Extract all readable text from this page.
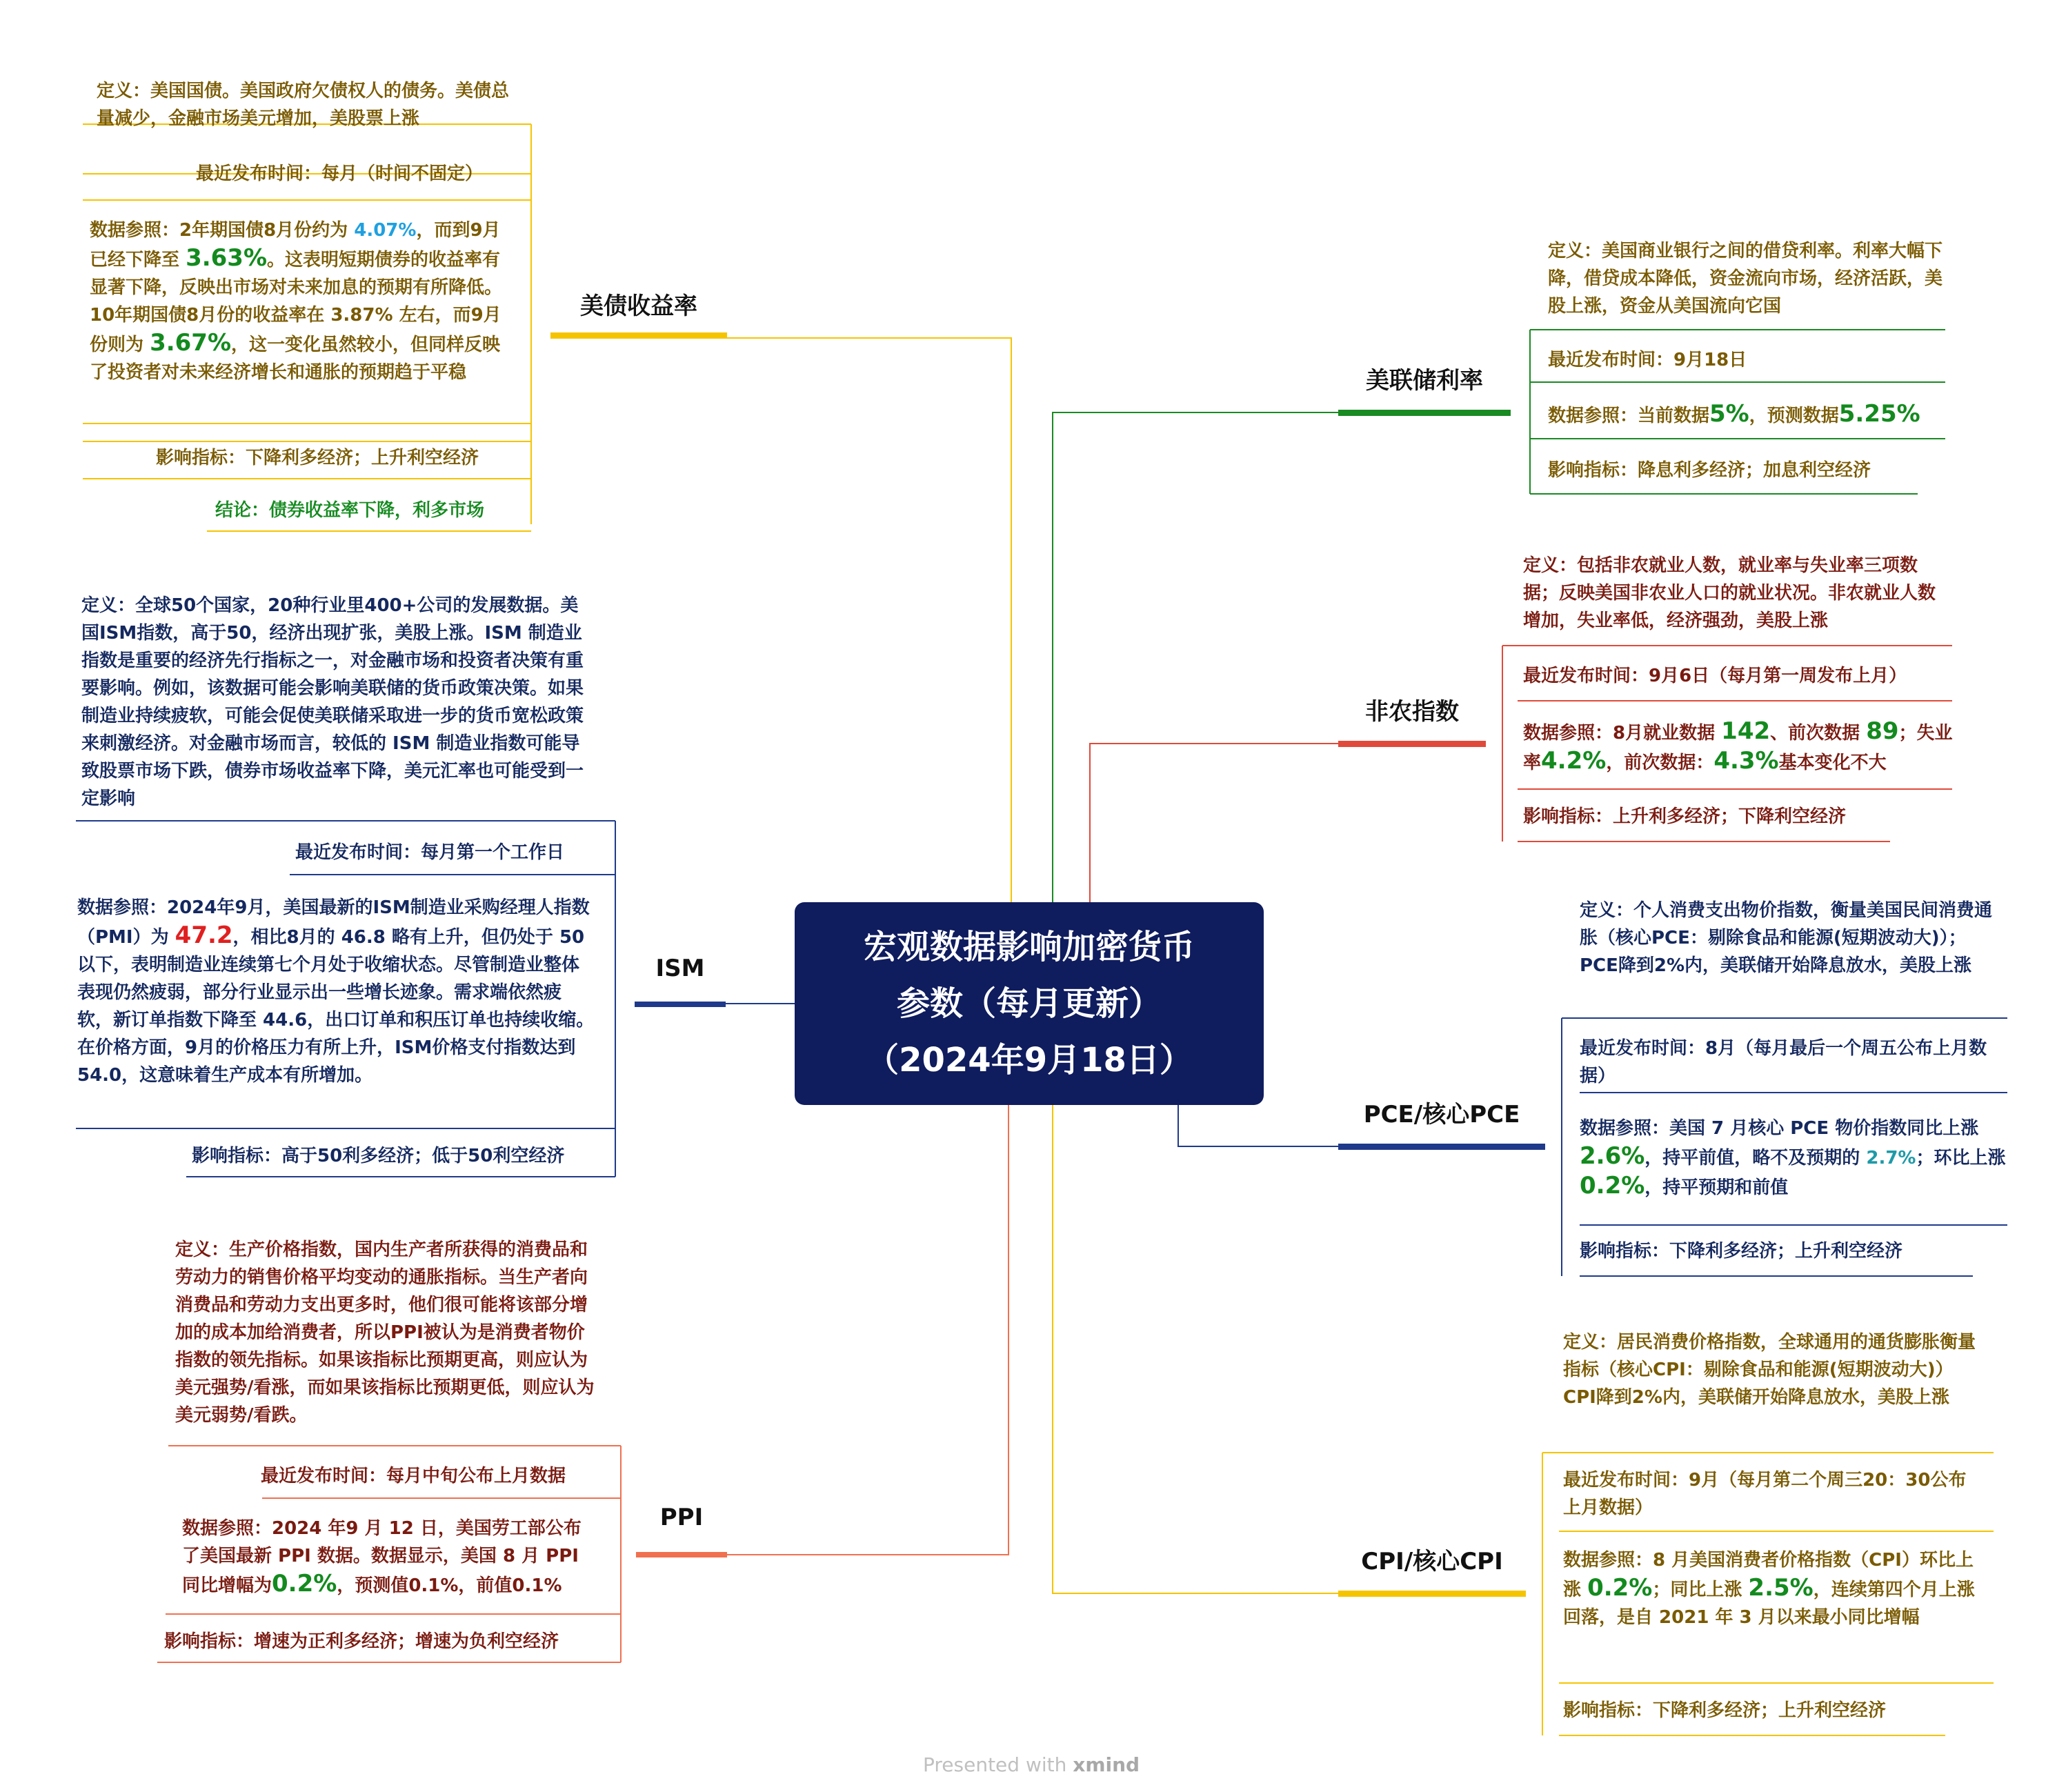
宏观数据影响加密货币
参数（每月更新）
（2024年9月18日）
美债收益率
定义：美国国债。美国政府欠债权人的债务。美债总量减少，金融市场美元增加，美股票上涨
最近发布时间：每月（时间不固定）
数据参照：2年期国债8月份约为 4.07%，而到9月已经下降至 3.63%。这表明短期债券的收益率有显著下降，反映出市场对未来加息的预期有所降低。10年期国债8月份的收益率在 3.87% 左右，而9月份则为 3.67%，这一变化虽然较小，但同样反映了投资者对未来经济增长和通胀的预期趋于平稳
影响指标：下降利多经济；上升利空经济
结论：债券收益率下降，利多市场
ISM
定义：全球50个国家，20种行业里400+公司的发展数据。美国ISM指数，高于50，经济出现扩张，美股上涨。ISM 制造业指数是重要的经济先行指标之一，对金融市场和投资者决策有重要影响。例如，该数据可能会影响美联储的货币政策决策。如果制造业持续疲软，可能会促使美联储采取进一步的货币宽松政策来刺激经济。对金融市场而言，较低的 ISM 制造业指数可能导致股票市场下跌，债券市场收益率下降，美元汇率也可能受到一定影响
最近发布时间：每月第一个工作日
数据参照：2024年9月，美国最新的ISM制造业采购经理人指数（PMI）为 47.2，相比8月的 46.8 略有上升，但仍处于 50 以下，表明制造业连续第七个月处于收缩状态。尽管制造业整体表现仍然疲弱，部分行业显示出一些增长迹象。需求端依然疲软，新订单指数下降至 44.6，出口订单和积压订单也持续收缩。在价格方面，9月的价格压力有所上升，ISM价格支付指数达到 54.0，这意味着生产成本有所增加。
影响指标：高于50利多经济；低于50利空经济
PPI
定义：生产价格指数，国内生产者所获得的消费品和劳动力的销售价格平均变动的通胀指标。当生产者向消费品和劳动力支出更多时，他们很可能将该部分增加的成本加给消费者，所以PPI被认为是消费者物价指数的领先指标。如果该指标比预期更高，则应认为美元强势/看涨，而如果该指标比预期更低，则应认为美元弱势/看跌。
最近发布时间：每月中旬公布上月数据
数据参照：2024 年9 月 12 日，美国劳工部公布了美国最新 PPI 数据。数据显示，美国 8 月 PPI 同比增幅为0.2%，预测值0.1%，前值0.1%
影响指标：增速为正利多经济；增速为负利空经济
美联储利率
定义：美国商业银行之间的借贷利率。利率大幅下降，借贷成本降低，资金流向市场，经济活跃，美股上涨，资金从美国流向它国
最近发布时间：9月18日
数据参照：当前数据5%，预测数据5.25%
影响指标：降息利多经济；加息利空经济
非农指数
定义：包括非农就业人数，就业率与失业率三项数据；反映美国非农业人口的就业状况。非农就业人数增加，失业率低，经济强劲，美股上涨
最近发布时间：9月6日（每月第一周发布上月）
数据参照：8月就业数据 142、前次数据 89；失业率4.2%，前次数据：4.3%基本变化不大
影响指标：上升利多经济；下降利空经济
PCE/核心PCE
定义：个人消费支出物价指数，衡量美国民间消费通胀（核心PCE：剔除食品和能源(短期波动大)）；PCE降到2%内，美联储开始降息放水，美股上涨
最近发布时间：8月（每月最后一个周五公布上月数据）
数据参照：美国 7 月核心 PCE 物价指数同比上涨 2.6%，持平前值，略不及预期的 2.7%；环比上涨 0.2%，持平预期和前值
影响指标：下降利多经济；上升利空经济
CPI/核心CPI
定义：居民消费价格指数，全球通用的通货膨胀衡量指标（核心CPI：剔除食品和能源(短期波动大)）CPI降到2%内，美联储开始降息放水，美股上涨
最近发布时间：9月（每月第二个周三20：30公布上月数据）
数据参照：8 月美国消费者价格指数（CPI）环比上涨 0.2%；同比上涨 2.5%，连续第四个月上涨回落，是自 2021 年 3 月以来最小同比增幅
影响指标：下降利多经济；上升利空经济
Presented with xmind
